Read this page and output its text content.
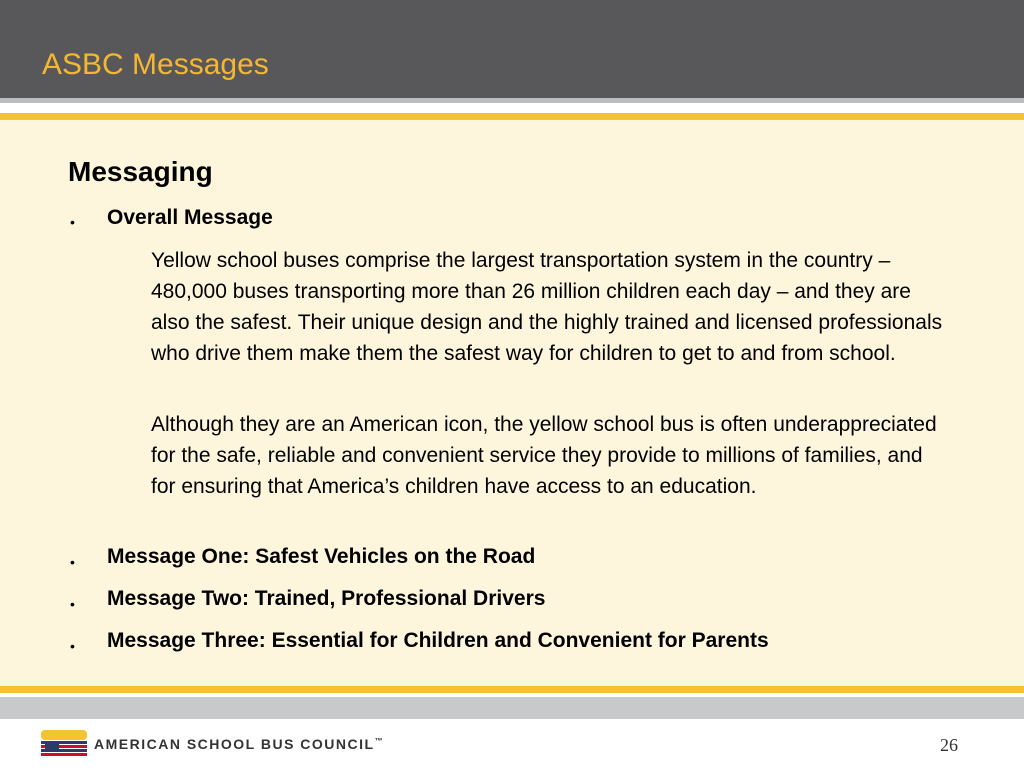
ASBC Messages
Messaging
• Overall Message
Yellow school buses comprise the largest transportation system in the country – 480,000 buses transporting more than 26 million children each day – and they are also the safest. Their unique design and the highly trained and licensed professionals who drive them make them the safest way for children to get to and from school.
Although they are an American icon, the yellow school bus is often underappreciated for the safe, reliable and convenient service they provide to millions of families, and for ensuring that America’s children have access to an education.
• Message One: Safest Vehicles on the Road
• Message Two: Trained, Professional Drivers
• Message Three: Essential for Children and Convenient for Parents
AMERICAN SCHOOL BUS COUNCIL™	26
